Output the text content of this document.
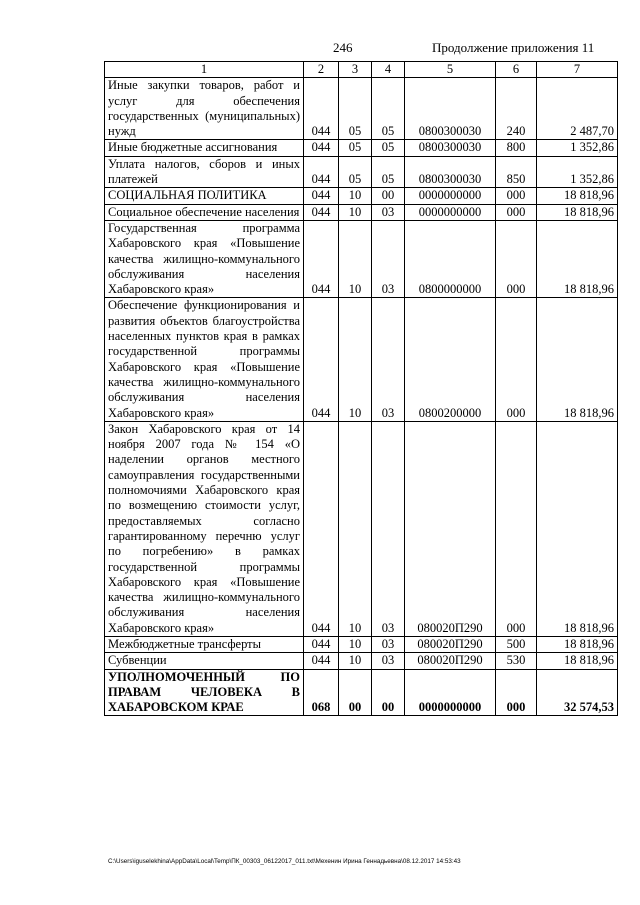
246	Продолжение приложения 11
1	2	3	4	5	6	7
Иные закупки товаров, работ и услуг для обеспечения государственных (муниципальных) нужд	044	05	05	0800300030	240	2 487,70
Иные бюджетные ассигнования	044	05	05	0800300030	800	1 352,86
Уплата налогов, сборов и иных платежей	044	05	05	0800300030	850	1 352,86
СОЦИАЛЬНАЯ ПОЛИТИКА	044	10	00	0000000000	000	18 818,96
Социальное обеспечение населения	044	10	03	0000000000	000	18 818,96
Государственная программа Хабаровского края «Повышение качества жилищно-коммунального обслуживания населения Хабаровского края»	044	10	03	0800000000	000	18 818,96
Обеспечение функционирования и развития объектов благоустройства населенных пунктов края в рамках государственной программы Хабаровского края «Повышение качества жилищно-коммунального обслуживания населения Хабаровского края»	044	10	03	0800200000	000	18 818,96
Закон Хабаровского края от 14 ноября 2007 года № 154 «О наделении органов местного самоуправления государственными полномочиями Хабаровского края по возмещению стоимости услуг, предоставляемых согласно гарантированному перечню услуг по погребению» в рамках государственной программы Хабаровского края «Повышение качества жилищно-коммунального обслуживания населения Хабаровского края»	044	10	03	080020П290	000	18 818,96
Межбюджетные трансферты	044	10	03	080020П290	500	18 818,96
Субвенции	044	10	03	080020П290	530	18 818,96
УПОЛНОМОЧЕННЫЙ ПО ПРАВАМ ЧЕЛОВЕКА В ХАБАРОВСКОМ КРАЕ	068	00	00	0000000000	000	32 574,53
C:\Users\iguselekhina\AppData\Local\Temp\ПК_00303_06122017_011.txt\Мехенин Ирина Геннадьевна\08.12.2017 14:53:43
